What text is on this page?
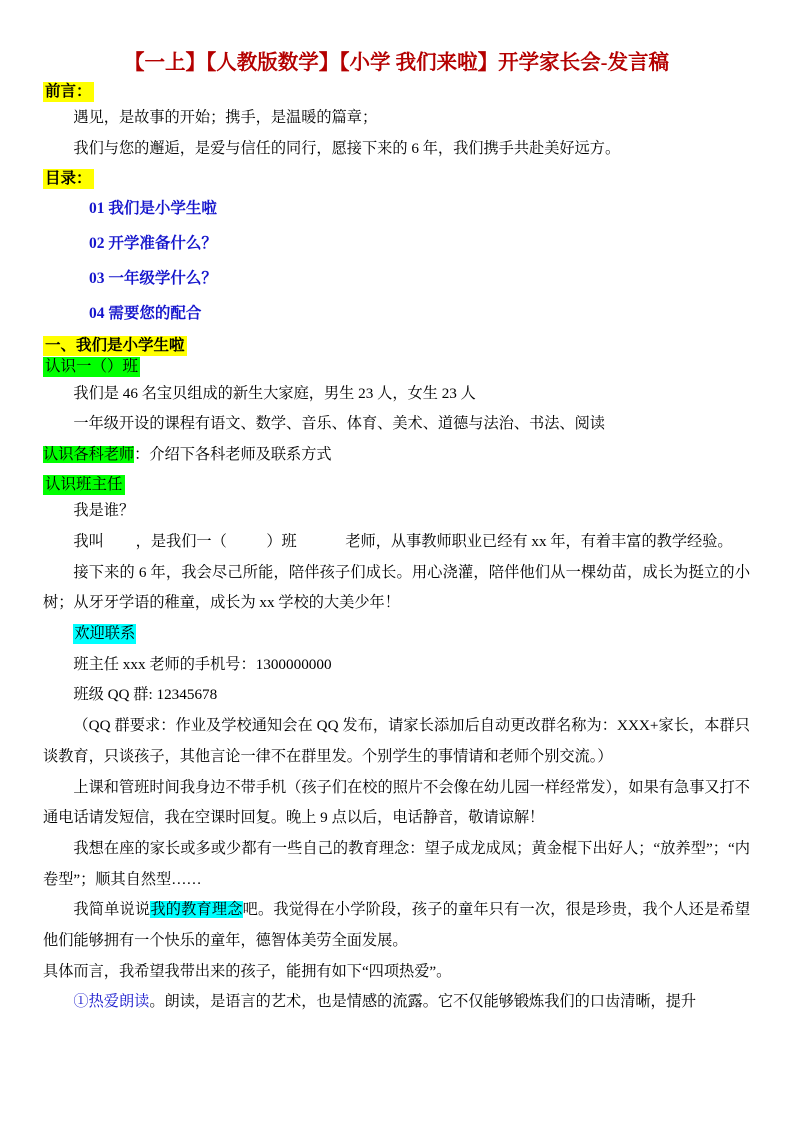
【一上】【人教版数学】【小学 我们来啦】开学家长会-发言稿
前言：

遇见，是故事的开始；携手，是温暖的篇章；

我们与您的邂逅，是爱与信任的同行，愿接下来的 6 年，我们携手共赴美好远方。

目录：
01 我们是小学生啦
02 开学准备什么？
03 一年级学什么？
04 需要您的配合
一、我们是小学生啦
认识一（）班

我们是 46 名宝贝组成的新生大家庭，男生 23 人，女生 23 人

一年级开设的课程有语文、数学、音乐、体育、美术、道德与法治、书法、阅读

认识各科老师：介绍下各科老师及联系方式

认识班主任

我是谁？

我叫 ，是我们一（	）班	老师，从事教师职业已经有 xx 年，有着丰富的教学经验。

接下来的 6 年，我会尽己所能，陪伴孩子们成长。用心浇灌，陪伴他们从一棵幼苗，成长为挺立的小树；从牙牙学语的稚童，成长为 xx 学校的大美少年！

欢迎联系

班主任 xxx 老师的手机号：1300000000

班级 QQ 群: 12345678

（QQ 群要求：作业及学校通知会在 QQ 发布，请家长添加后自动更改群名称为：XXX+家长，本群只谈教育，只谈孩子，其他言论一律不在群里发。个别学生的事情请和老师个别交流。）

上课和管班时间我身边不带手机（孩子们在校的照片不会像在幼儿园一样经常发），如果有急事又打不通电话请发短信，我在空课时回复。晚上 9 点以后，电话静音，敬请谅解！

我想在座的家长或多或少都有一些自己的教育理念：望子成龙成凤；黄金棍下出好人；“放养型”；“内卷型”；顺其自然型……

我简单说说我的教育理念吧。我觉得在小学阶段，孩子的童年只有一次，很是珍贵，我个人还是希望他们能够拥有一个快乐的童年，德智体美劳全面发展。

具体而言，我希望我带出来的孩子，能拥有如下“四项热爱”。

①热爱朗读。朗读，是语言的艺术，也是情感的流露。它不仅能够锻炼我们的口齿清晰，提升
